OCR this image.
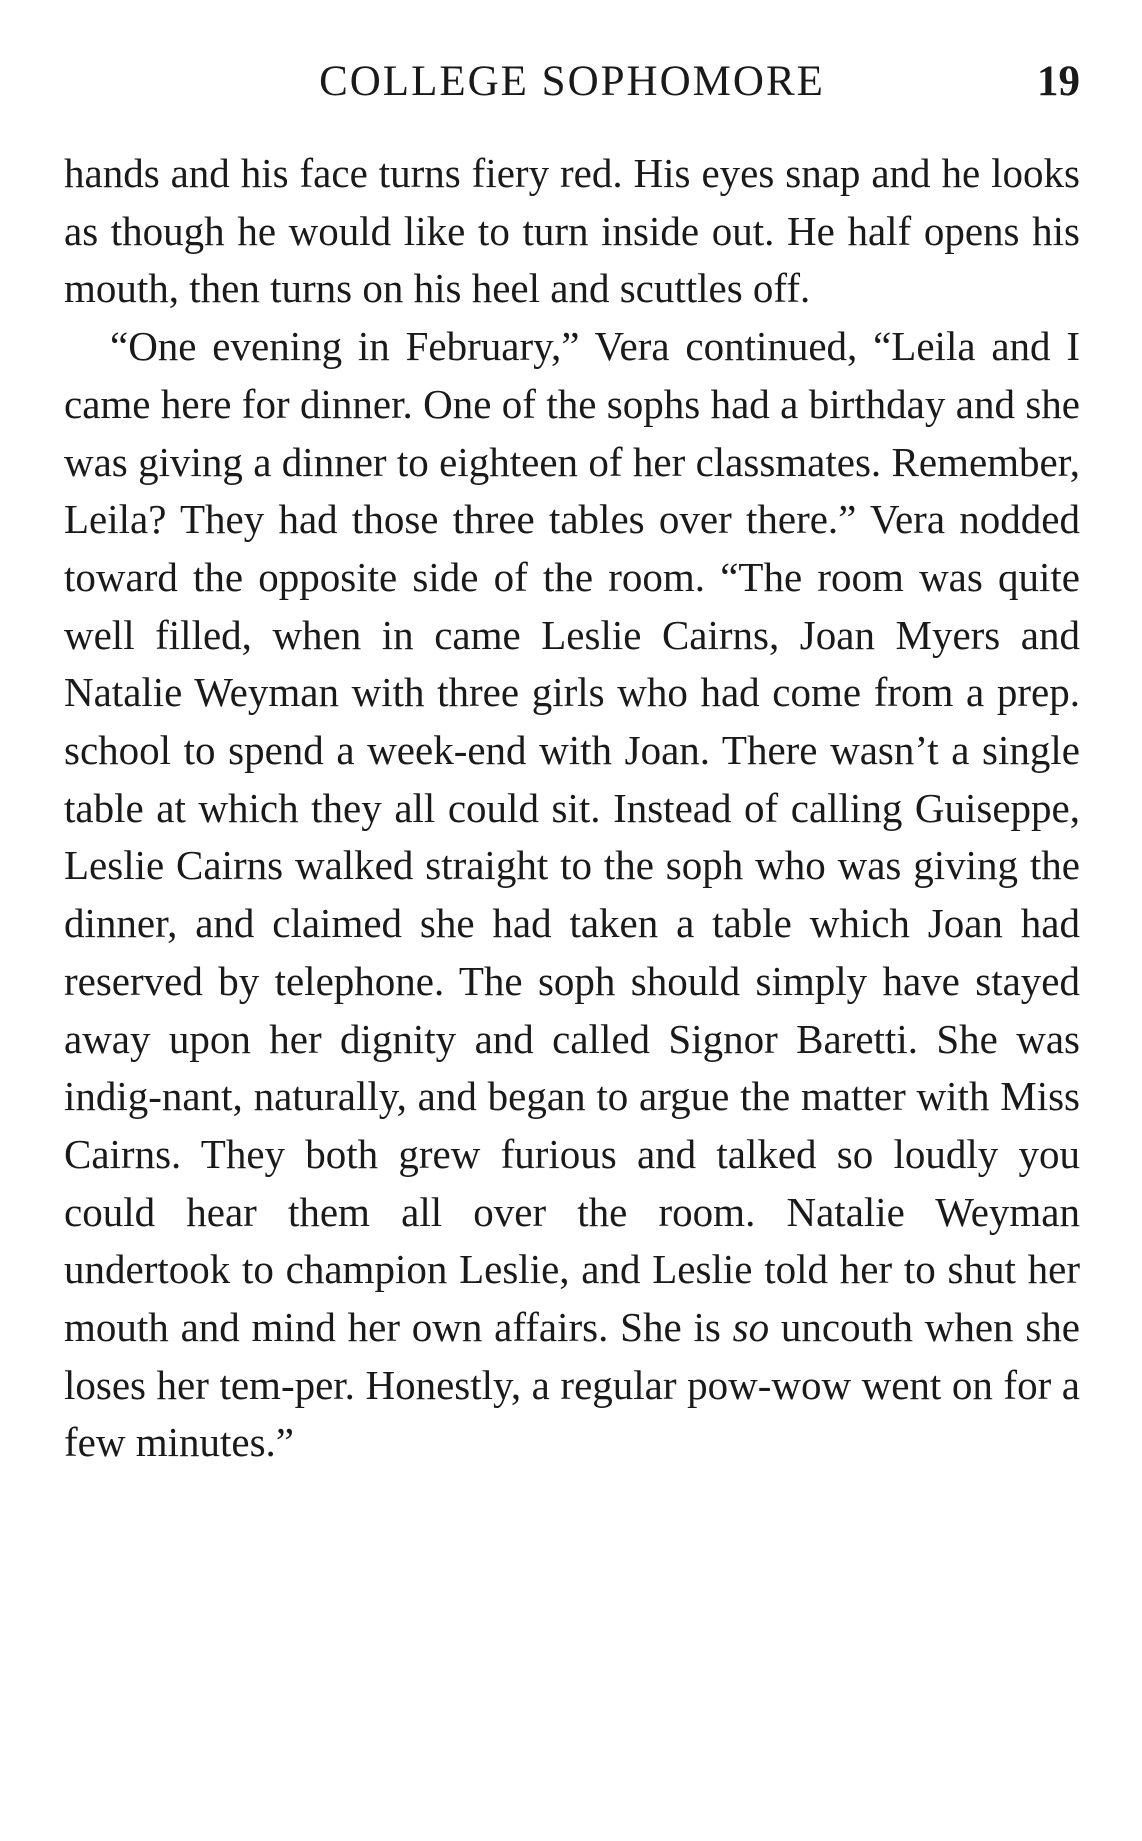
COLLEGE SOPHOMORE	19

hands and his face turns fiery red. His eyes snap and he looks as though he would like to turn inside out. He half opens his mouth, then turns on his heel and scuttles off.

“One evening in February,” Vera continued, “Leila and I came here for dinner. One of the sophs had a birthday and she was giving a dinner to eighteen of her classmates. Remember, Leila? They had those three tables over there.” Vera nodded toward the opposite side of the room. “The room was quite well filled, when in came Leslie Cairns, Joan Myers and Natalie Weyman with three girls who had come from a prep. school to spend a week-end with Joan. There wasn’t a single table at which they all could sit. Instead of calling Guiseppe, Leslie Cairns walked straight to the soph who was giving the dinner, and claimed she had taken a table which Joan had reserved by telephone. The soph should simply have stayed away upon her dignity and called Signor Baretti. She was indig-nant, naturally, and began to argue the matter with Miss Cairns. They both grew furious and talked so loudly you could hear them all over the room. Natalie Weyman undertook to champion Leslie, and Leslie told her to shut her mouth and mind her own affairs. She is so uncouth when she loses her tem-per. Honestly, a regular pow-wow went on for a few minutes.”
